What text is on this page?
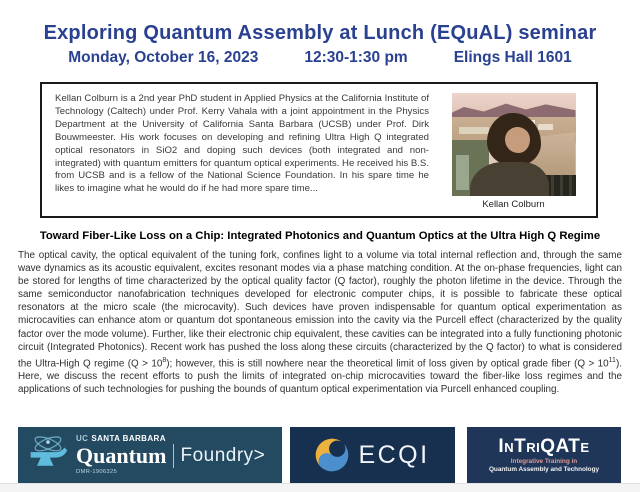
Exploring Quantum Assembly at Lunch (EQuAL) seminar
Monday, October 16, 2023	12:30-1:30 pm	Elings Hall 1601
Kellan Colburn is a 2nd year PhD student in Applied Physics at the California Institute of Technology (Caltech) under Prof. Kerry Vahala with a joint appointment in the Physics Department at the University of California Santa Barbara (UCSB) under Prof. Dirk Bouwmeester. His work focuses on developing and refining Ultra High Q integrated optical resonators in SiO2 and doping such devices (both integrated and non-integrated) with quantum emitters for quantum optical experiments. He received his B.S. from UCSB and is a fellow of the National Science Foundation. In his spare time he likes to imagine what he would do if he had more spare time...
Kellan Colburn
Toward Fiber-Like Loss on a Chip: Integrated Photonics and Quantum Optics at the Ultra High Q Regime

The optical cavity, the optical equivalent of the tuning fork, confines light to a volume via total internal reflection and, through the same wave dynamics as its acoustic equivalent, excites resonant modes via a phase matching condition. At the on-phase frequencies, light can be stored for lengths of time characterized by the optical quality factor (Q factor), roughly the photon lifetime in the device. Through the same semiconductor nanofabrication techniques developed for electronic computer chips, it is possible to fabricate these optical resonators at the micro scale (the microcavity). Such devices have proven indispensable for quantum optical experimentation as microcavities can enhance atom or quantum dot spontaneous emission into the cavity via the Purcell effect (characterized by the quality factor over the mode volume). Further, like their electronic chip equivalent, these cavities can be integrated into a fully functioning photonic circuit (Integrated Photonics). Recent work has pushed the loss along these circuits (characterized by the Q factor) to what is considered the Ultra-High Q regime $(Q > 10^8)$; however, this is still nowhere near the theoretical limit of loss given by optical grade fiber $(Q > 10^{11})$. Here, we discuss the recent efforts to push the limits of integrated on-chip microcavities toward the fiber-like loss regimes and the applications of such technologies for pushing the bounds of quantum optical experimentation via Purcell enhanced coupling.

UC SANTA BARBARA
Quantum Foundry>
DMR-1906325
ECQI	InTriQATe
Integrative Training in
Quantum Assembly and Technology
